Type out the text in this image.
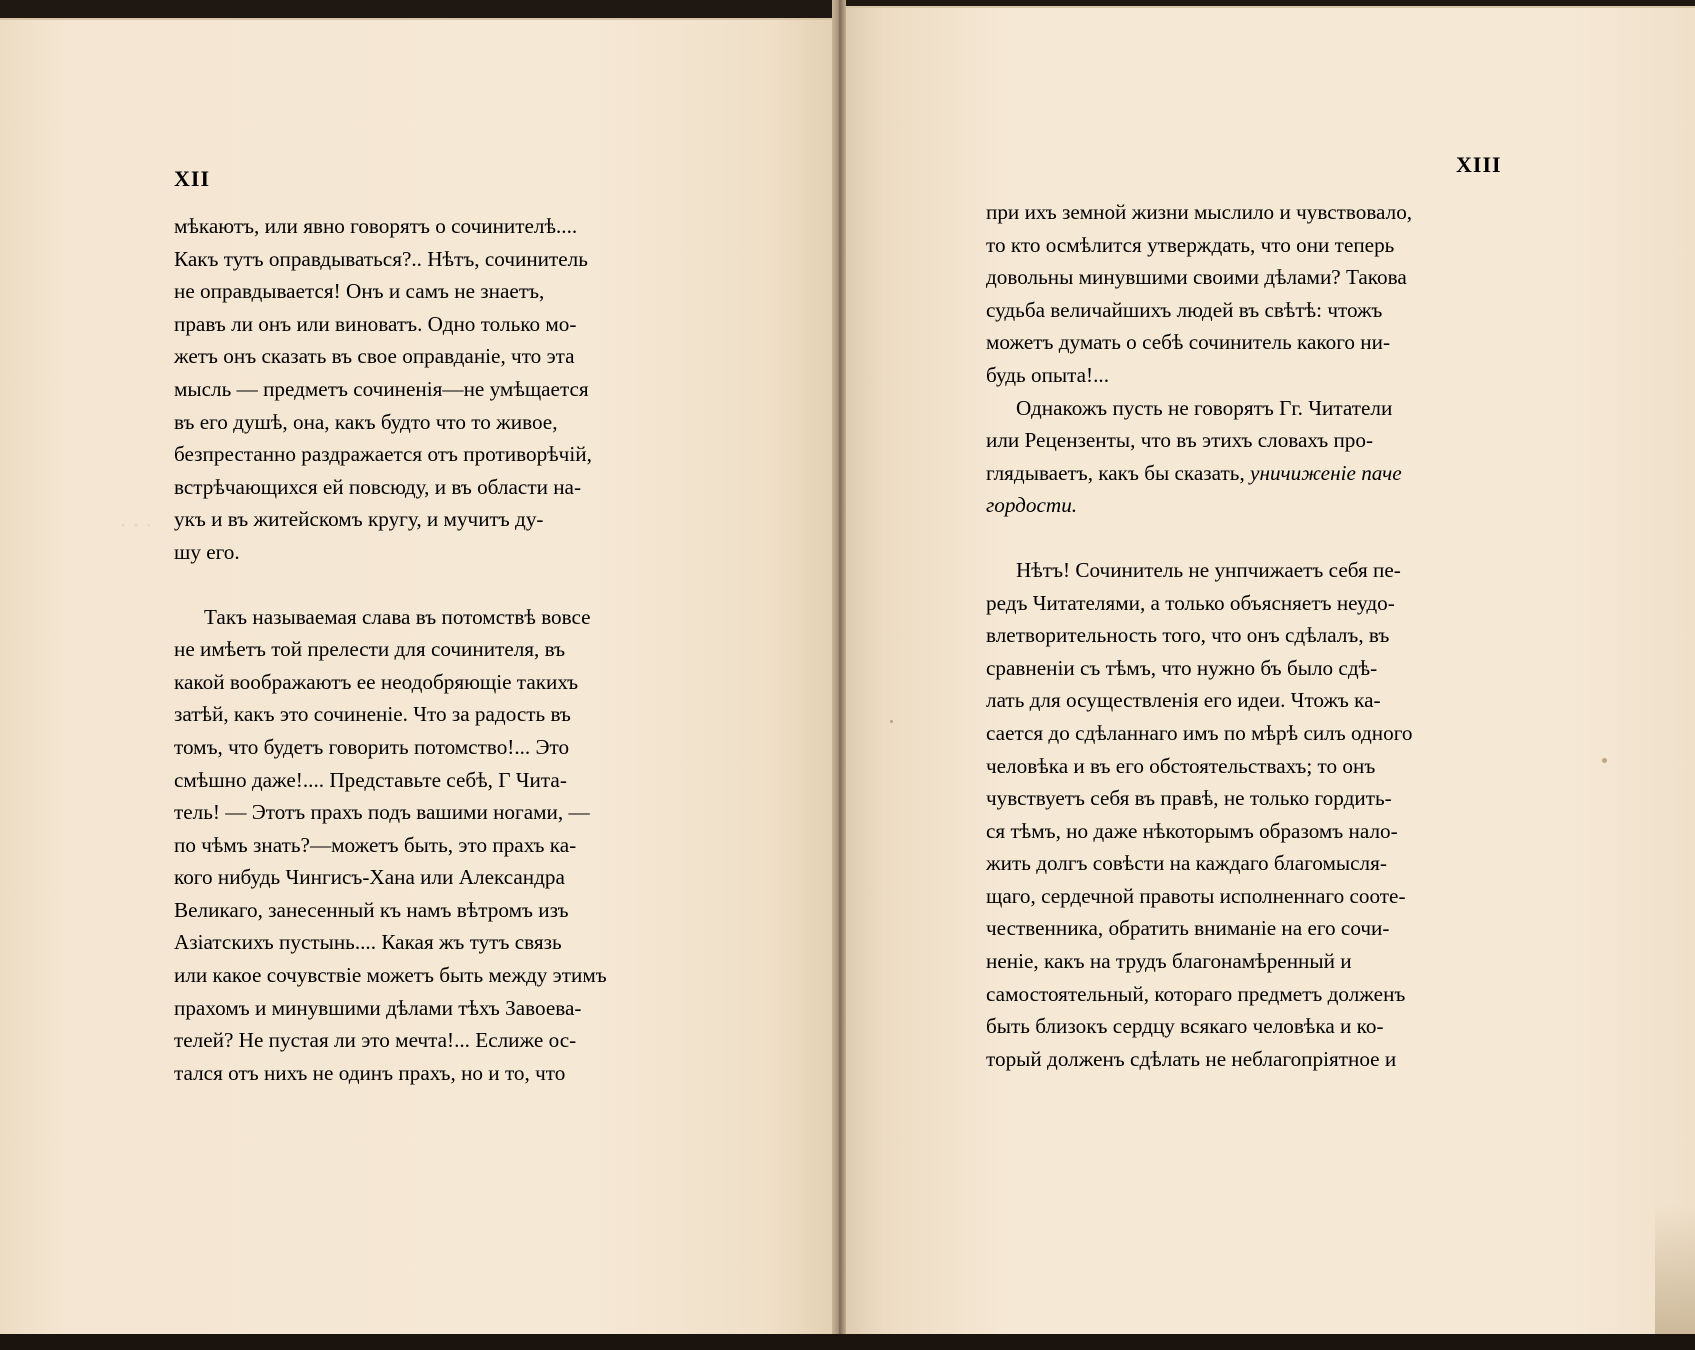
· · ·
XII
XIII
мѣкаютъ, или явно говорятъ о сочинителѣ....
Какъ тутъ оправдываться?.. Нѣтъ, сочинитель
не оправдывается! Онъ и самъ не знаетъ,
правъ ли онъ или виноватъ. Одно только мо-
жетъ онъ сказать въ свое оправданіе, что эта
мысль — предметъ сочиненія—не умѣщается
въ его душѣ, она, какъ будто что то живое,
безпрестанно раздражается отъ противорѣчій,
встрѣчающихся ей повсюду, и въ области на-
укъ и въ житейскомъ кругу, и мучитъ ду-
шу его.
Такъ называемая слава въ потомствѣ вовсе
не имѣетъ той прелести для сочинителя, въ
какой воображаютъ ее неодобряющіе такихъ
затѣй, какъ это сочиненіе. Что за радость въ
томъ, что будетъ говорить потомство!... Это
смѣшно даже!.... Представьте себѣ, Г Чита-
тель! — Этотъ прахъ подъ вашими ногами, —
по чѣмъ знать?—можетъ быть, это прахъ ка-
кого нибудь Чингисъ-Хана или Александра
Великаго, занесенный къ намъ вѣтромъ изъ
Азіатскихъ пустынь.... Какая жъ тутъ связь
или какое сочувствіе можетъ быть между этимъ
прахомъ и минувшими дѣлами тѣхъ Завоева-
телей? Не пустая ли это мечта!... Еслиже ос-
тался отъ нихъ не одинъ прахъ, но и то, что
при ихъ земной жизни мыслило и чувствовало,
то кто осмѣлится утверждать, что они теперь
довольны минувшими своими дѣлами? Такова
судьба величайшихъ людей въ свѣтѣ: чтожъ
можетъ думать о себѣ сочинитель какого ни-
будь опыта!...
Однакожъ пусть не говорятъ Гг. Читатели
или Рецензенты, что въ этихъ словахъ про-
глядываетъ, какъ бы сказать, уничиженіе паче
гордости.
Нѣтъ! Сочинитель не унпчижаетъ себя пе-
редъ Читателями, а только объясняетъ неудо-
влетворительность того, что онъ сдѣлалъ, въ
сравненіи съ тѣмъ, что нужно бъ было сдѣ-
лать для осуществленія его идеи. Чтожъ ка-
сается до сдѣланнаго имъ по мѣрѣ силъ одного
человѣка и въ его обстоятельствахъ; то онъ
чувствуетъ себя въ правѣ, не только гордить-
ся тѣмъ, но даже нѣкоторымъ образомъ нало-
жить долгъ совѣсти на каждаго благомысля-
щаго, сердечной правоты исполненнаго сооте-
чественника, обратить вниманіе на его сочи-
неніе, какъ на трудъ благонамѣренный и
самостоятельный, котораго предметъ долженъ
быть близокъ сердцу всякаго человѣка и ко-
торый долженъ сдѣлать не неблагопріятное и
